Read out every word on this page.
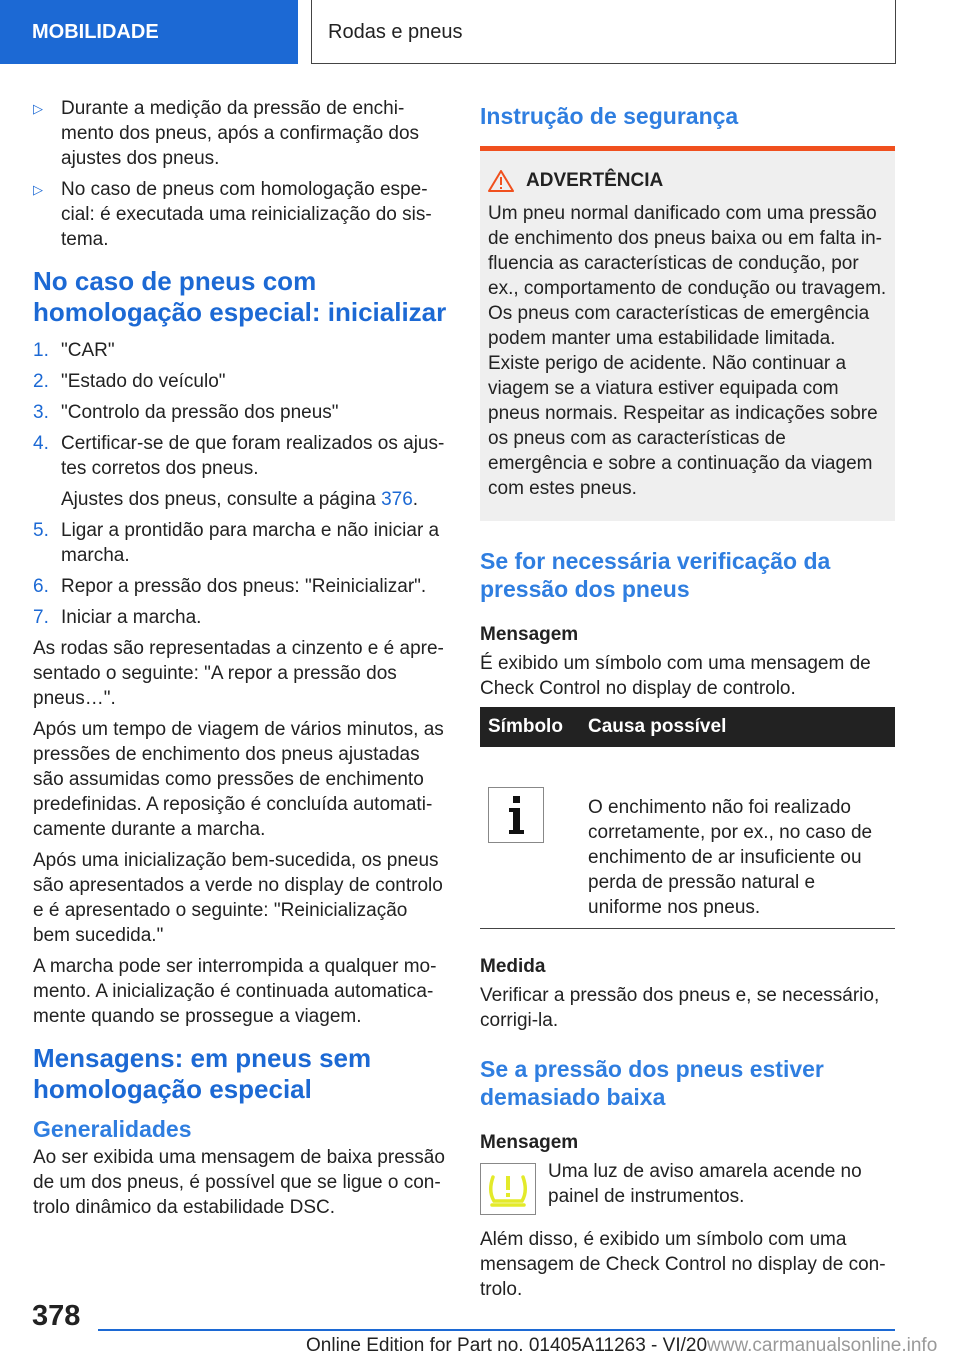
MOBILIDADE	Rodas e pneus
▷ Durante a medição da pressão de enchimento dos pneus, após a confirmação dos ajustes dos pneus.
▷ No caso de pneus com homologação especial: é executada uma reinicialização do sistema.
No caso de pneus com homologação especial: inicializar
1. "CAR"
2. "Estado do veículo"
3. "Controlo da pressão dos pneus"
4. Certificar-se de que foram realizados os ajustes corretos dos pneus.

Ajustes dos pneus, consulte a página 376.

5. Ligar a prontidão para marcha e não iniciar a marcha.
6. Repor a pressão dos pneus: "Reinicializar".
7. Iniciar a marcha.

As rodas são representadas a cinzento e é apresentado o seguinte: "A repor a pressão dos pneus…".

Após um tempo de viagem de vários minutos, as pressões de enchimento dos pneus ajustadas são assumidas como pressões de enchimento predefinidas. A reposição é concluída automaticamente durante a marcha.

Após uma inicialização bem-sucedida, os pneus são apresentados a verde no display de controlo e é apresentado o seguinte: "Reinicialização bem sucedida."

A marcha pode ser interrompida a qualquer momento. A inicialização é continuada automaticamente quando se prossegue a viagem.

Mensagens: em pneus sem homologação especial
Generalidades

Ao ser exibida uma mensagem de baixa pressão de um dos pneus, é possível que se ligue o controlo dinâmico da estabilidade DSC.

Instrução de segurança
ADVERTÊNCIA

Um pneu normal danificado com uma pressão de enchimento dos pneus baixa ou em falta influencia as características de condução, por ex., comportamento de condução ou travagem. Os pneus com características de emergência podem manter uma estabilidade limitada. Existe perigo de acidente. Não continuar a viagem se a viatura estiver equipada com pneus normais. Respeitar as indicações sobre os pneus com as características de emergência e sobre a continuação da viagem com estes pneus.

Se for necessária verificação da pressão dos pneus
Mensagem

É exibido um símbolo com uma mensagem de Check Control no display de controlo.

Símbolo	Causa possível
	O enchimento não foi realizado corretamente, por ex., no caso de enchimento de ar insuficiente ou perda de pressão natural e uniforme nos pneus.
Medida

Verificar a pressão dos pneus e, se necessário, corrigi-la.

Se a pressão dos pneus estiver demasiado baixa
Mensagem

Uma luz de aviso amarela acende no painel de instrumentos.

Além disso, é exibido um símbolo com uma mensagem de Check Control no display de controlo.

378
Online Edition for Part no. 01405A11263 - VI/20www.carmanualsonline.info
